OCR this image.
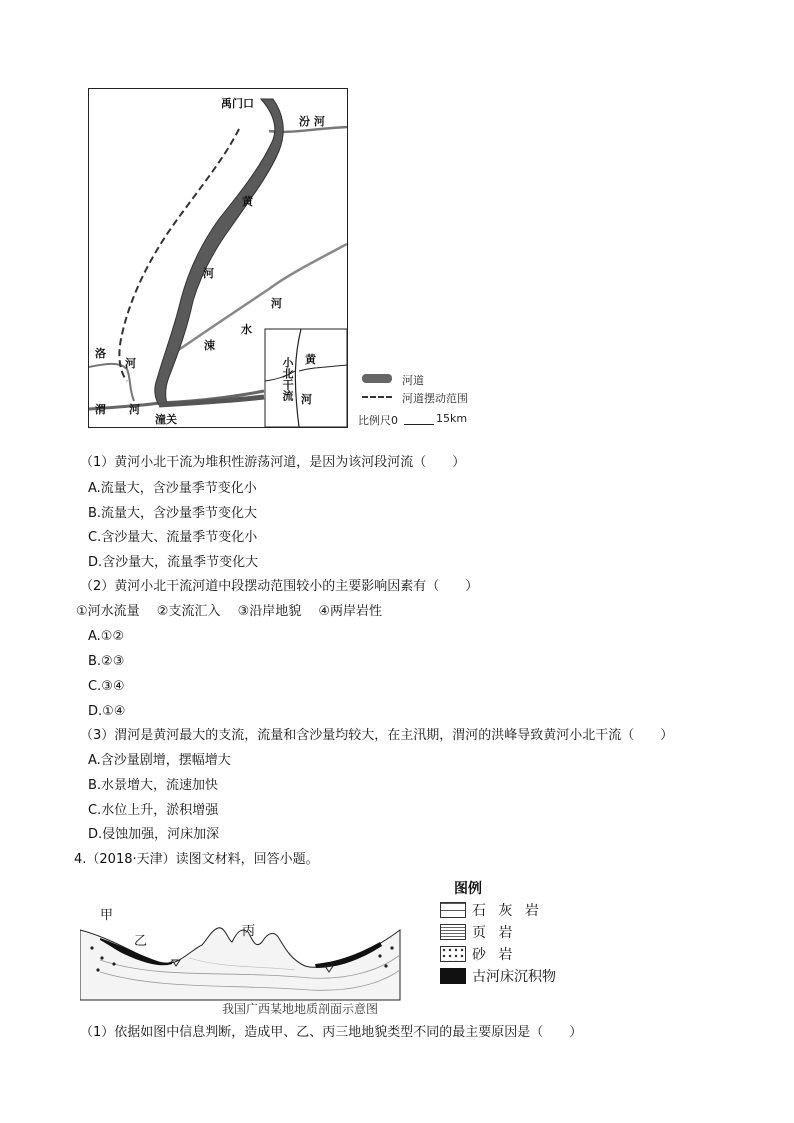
禹门口
汾 河
黄
河
河
水
涑
洛
河
渭 河
潼关
黄
河
小北干流	河道
河道摆动范围
比例尺0	15km
（1）黄河小北干流为堆积性游荡河道，是因为该河段河流（　　）
A.流量大，含沙量季节变化小
B.流量大，含沙量季节变化大
C.含沙量大、流量季节变化小
D.含沙量大，流量季节变化大
（2）黄河小北干流河道中段摆动范围较小的主要影响因素有（　　）
①河水流量　 ②支流汇入　 ③沿岸地貌　 ④两岸岩性
A.①②
B.②③
C.③④
D.①④
（3）渭河是黄河最大的支流，流量和含沙量均较大，在主汛期，渭河的洪峰导致黄河小北干流（　　）
A.含沙量剧增，摆幅增大
B.水景增大，流速加快
C.水位上升，淤积增强
D.侵蚀加强，河床加深
4.（2018·天津）读图文材料，回答小题。
甲
乙
丙
我国广西某地地质剖面示意图
图例
石 灰 岩
页 岩
砂 岩
古河床沉积物
（1）依据如图中信息判断，造成甲、乙、丙三地地貌类型不同的最主要原因是（　　）
